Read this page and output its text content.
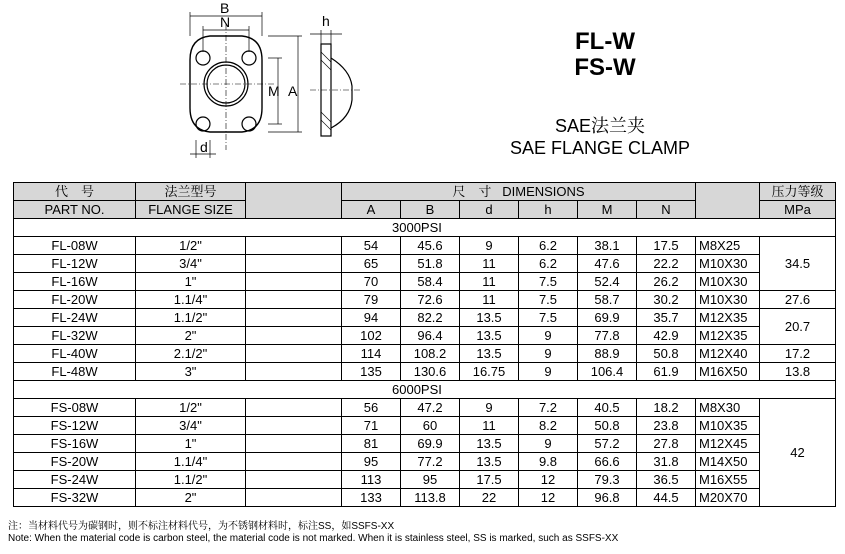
B
N
M A
d
h
FL-W
FS-W
SAE法兰夹
SAE FLANGE CLAMP
代　号	法兰型号		尺　寸 DIMENSIONS							压力等级
PART NO.	FLANGE SIZE		A	B	d	h	M	N		MPa
3000PSI										
FL-08W	1/2"		54	45.6	9	6.2	38.1	17.5	M8X25	34.5
FL-12W	3/4"		65	51.8	11	6.2	47.6	22.2	M10X30	
FL-16W	1"		70	58.4	11	7.5	52.4	26.2	M10X30	
FL-20W	1.1/4"		79	72.6	11	7.5	58.7	30.2	M10X30	27.6
FL-24W	1.1/2"		94	82.2	13.5	7.5	69.9	35.7	M12X35	20.7
FL-32W	2"		102	96.4	13.5	9	77.8	42.9	M12X35	
FL-40W	2.1/2"		114	108.2	13.5	9	88.9	50.8	M12X40	17.2
FL-48W	3"		135	130.6	16.75	9	106.4	61.9	M16X50	13.8
6000PSI										
FS-08W	1/2"		56	47.2	9	7.2	40.5	18.2	M8X30	42
FS-12W	3/4"		71	60	11	8.2	50.8	23.8	M10X35	
FS-16W	1"		81	69.9	13.5	9	57.2	27.8	M12X45	
FS-20W	1.1/4"		95	77.2	13.5	9.8	66.6	31.8	M14X50	
FS-24W	1.1/2"		113	95	17.5	12	79.3	36.5	M16X55	
FS-32W	2"		133	113.8	22	12	96.8	44.5	M20X70	
注：当材料代号为碳钢时，则不标注材料代号，为不锈钢材料时，标注SS，如SSFS-XX
Note: When the material code is carbon steel, the material code is not marked. When it is stainless steel, SS is marked, such as SSFS-XX
